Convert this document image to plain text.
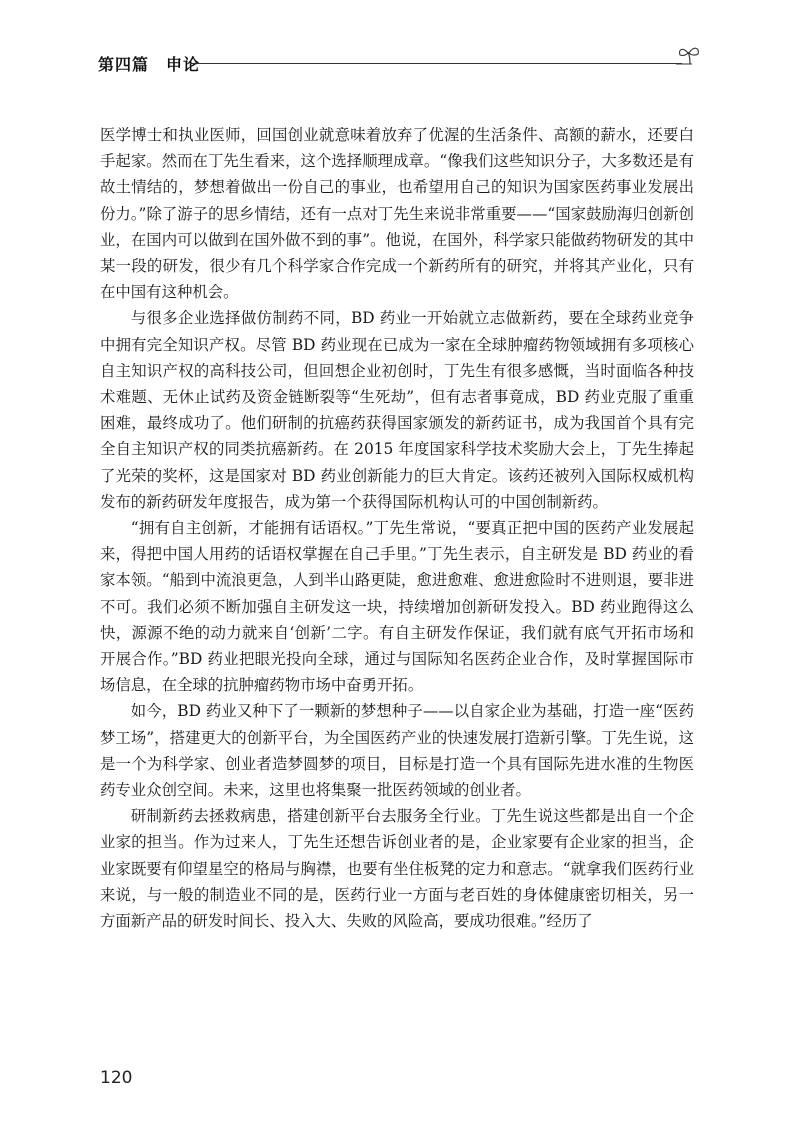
第四篇　申论

医学博士和执业医师，回国创业就意味着放弃了优渥的生活条件、高额的薪水，还要白手起家。然而在丁先生看来，这个选择顺理成章。“像我们这些知识分子，大多数还是有故土情结的，梦想着做出一份自己的事业，也希望用自己的知识为国家医药事业发展出份力。”除了游子的思乡情结，还有一点对丁先生来说非常重要——“国家鼓励海归创新创业，在国内可以做到在国外做不到的事”。他说，在国外，科学家只能做药物研发的其中某一段的研发，很少有几个科学家合作完成一个新药所有的研究，并将其产业化，只有在中国有这种机会。

与很多企业选择做仿制药不同，BD 药业一开始就立志做新药，要在全球药业竞争中拥有完全知识产权。尽管 BD 药业现在已成为一家在全球肿瘤药物领域拥有多项核心自主知识产权的高科技公司，但回想企业初创时，丁先生有很多感慨，当时面临各种技术难题、无休止试药及资金链断裂等“生死劫”，但有志者事竟成，BD 药业克服了重重困难，最终成功了。他们研制的抗癌药获得国家颁发的新药证书，成为我国首个具有完全自主知识产权的同类抗癌新药。在 2015 年度国家科学技术奖励大会上，丁先生捧起了光荣的奖杯，这是国家对 BD 药业创新能力的巨大肯定。该药还被列入国际权威机构发布的新药研发年度报告，成为第一个获得国际机构认可的中国创制新药。

“拥有自主创新，才能拥有话语权。”丁先生常说，“要真正把中国的医药产业发展起来，得把中国人用药的话语权掌握在自己手里。”丁先生表示，自主研发是 BD 药业的看家本领。“船到中流浪更急，人到半山路更陡，愈进愈难、愈进愈险时不进则退，要非进不可。我们必须不断加强自主研发这一块，持续增加创新研发投入。BD 药业跑得这么快，源源不绝的动力就来自‘创新’二字。有自主研发作保证，我们就有底气开拓市场和开展合作。”BD 药业把眼光投向全球，通过与国际知名医药企业合作，及时掌握国际市场信息，在全球的抗肿瘤药物市场中奋勇开拓。

如今，BD 药业又种下了一颗新的梦想种子——以自家企业为基础，打造一座“医药梦工场”，搭建更大的创新平台，为全国医药产业的快速发展打造新引擎。丁先生说，这是一个为科学家、创业者造梦圆梦的项目，目标是打造一个具有国际先进水准的生物医药专业众创空间。未来，这里也将集聚一批医药领域的创业者。

研制新药去拯救病患，搭建创新平台去服务全行业。丁先生说这些都是出自一个企业家的担当。作为过来人，丁先生还想告诉创业者的是，企业家要有企业家的担当，企业家既要有仰望星空的格局与胸襟，也要有坐住板凳的定力和意志。“就拿我们医药行业来说，与一般的制造业不同的是，医药行业一方面与老百姓的身体健康密切相关，另一方面新产品的研发时间长、投入大、失败的风险高，要成功很难。”经历了

120
